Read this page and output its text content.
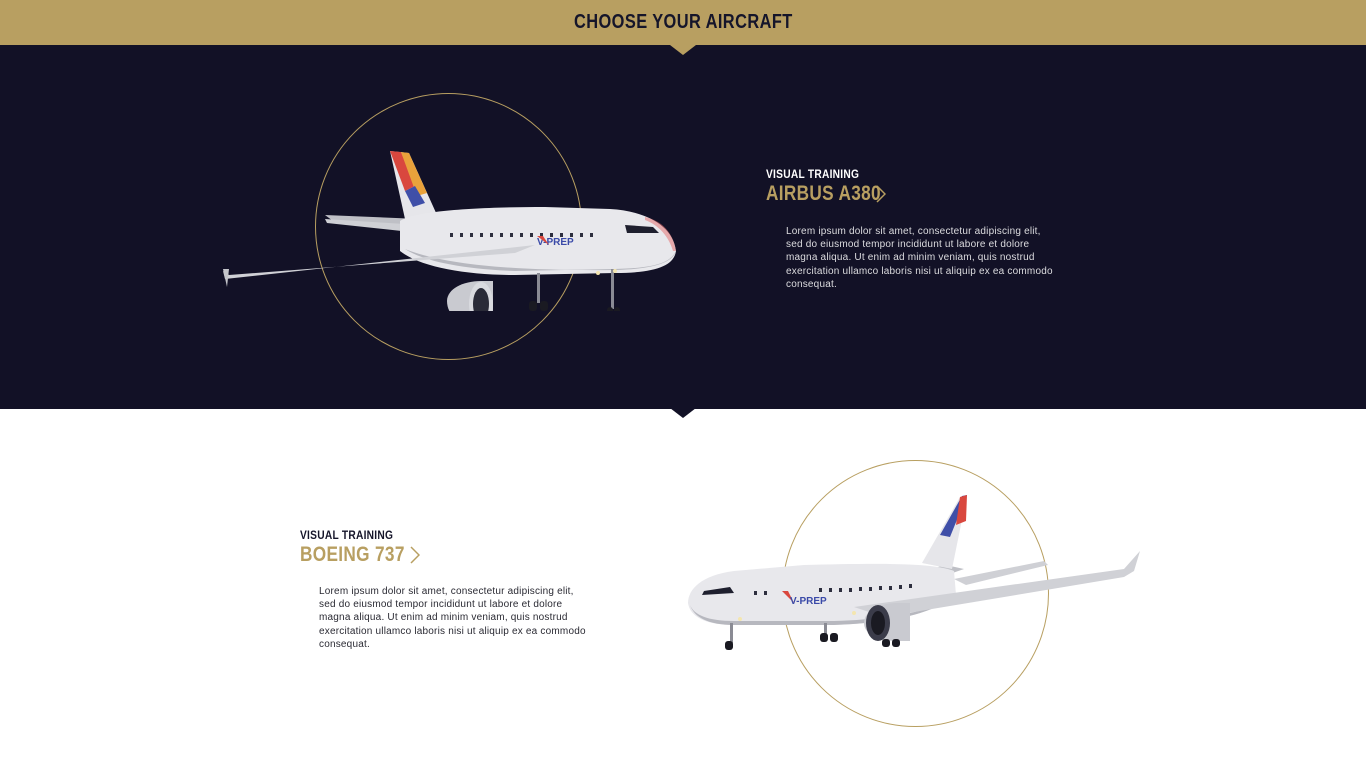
CHOOSE YOUR AIRCRAFT
V-PREP
VISUAL TRAINING
AIRBUS A380

Lorem ipsum dolor sit amet, consectetur adipiscing elit, sed do eiusmod tempor incididunt ut labore et dolore magna aliqua. Ut enim ad minim veniam, quis nostrud exercitation ullamco laboris nisi ut aliquip ex ea commodo consequat.

VISUAL TRAINING
BOEING 737

Lorem ipsum dolor sit amet, consectetur adipiscing elit, sed do eiusmod tempor incididunt ut labore et dolore magna aliqua. Ut enim ad minim veniam, quis nostrud exercitation ullamco laboris nisi ut aliquip ex ea commodo consequat.

V-PREP
